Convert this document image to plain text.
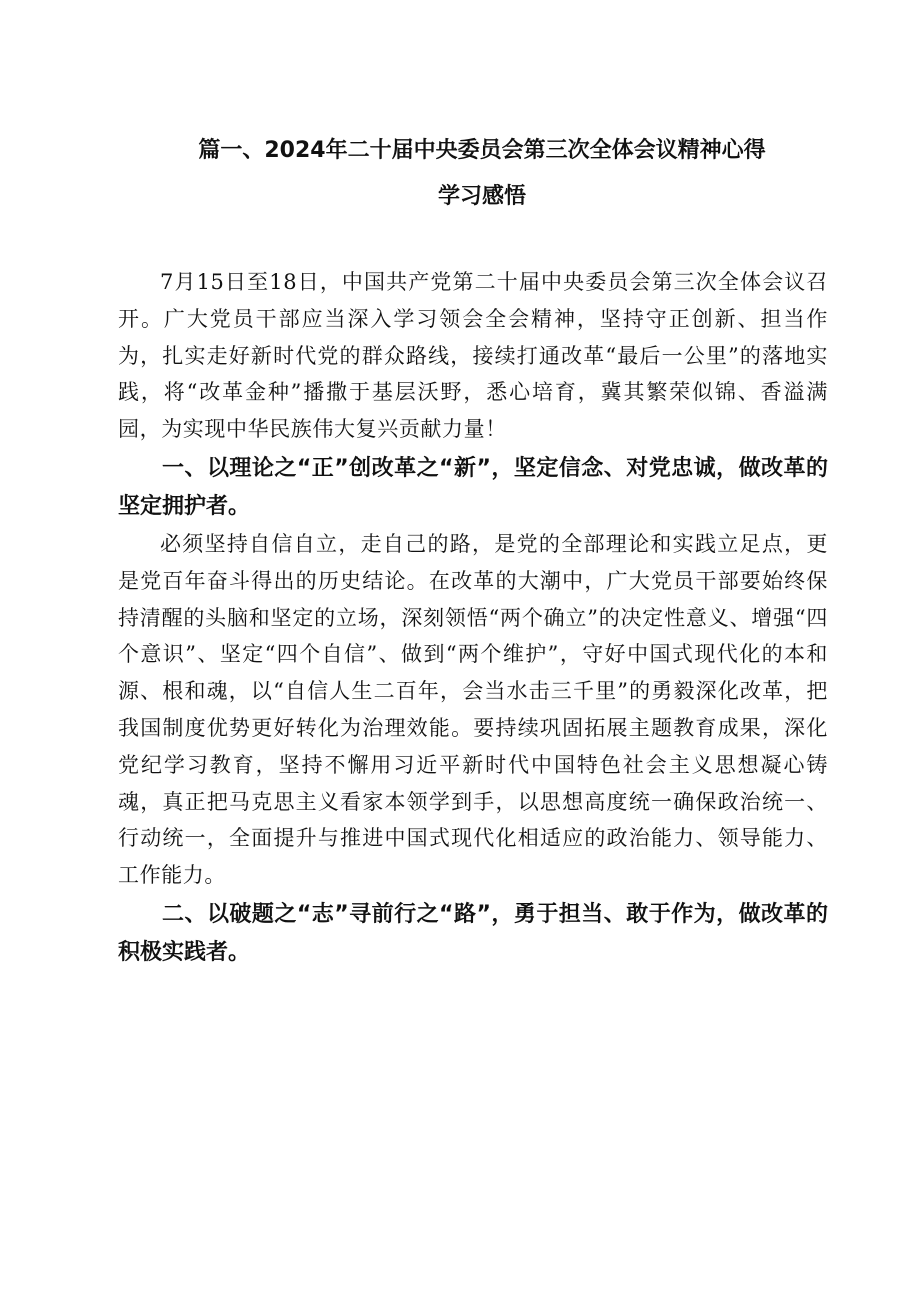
篇一、2024年二十届中央委员会第三次全体会议精神心得
学习感悟

7月15日至18日，中国共产党第二十届中央委员会第三次全体会议召开。广大党员干部应当深入学习领会全会精神，坚持守正创新、担当作为，扎实走好新时代党的群众路线，接续打通改革“最后一公里”的落地实践，将“改革金种”播撒于基层沃野，悉心培育，冀其繁荣似锦、香溢满园，为实现中华民族伟大复兴贡献力量！

一、以理论之“正”创改革之“新”，坚定信念、对党忠诚，做改革的坚定拥护者。

必须坚持自信自立，走自己的路，是党的全部理论和实践立足点，更是党百年奋斗得出的历史结论。在改革的大潮中，广大党员干部要始终保持清醒的头脑和坚定的立场，深刻领悟“两个确立”的决定性意义、增强“四个意识”、坚定“四个自信”、做到“两个维护”，守好中国式现代化的本和源、根和魂，以“自信人生二百年，会当水击三千里”的勇毅深化改革，把我国制度优势更好转化为治理效能。要持续巩固拓展主题教育成果，深化党纪学习教育，坚持不懈用习近平新时代中国特色社会主义思想凝心铸魂，真正把马克思主义看家本领学到手，以思想高度统一确保政治统一、行动统一，全面提升与推进中国式现代化相适应的政治能力、领导能力、工作能力。

二、以破题之“志”寻前行之“路”，勇于担当、敢于作为，做改革的积极实践者。
